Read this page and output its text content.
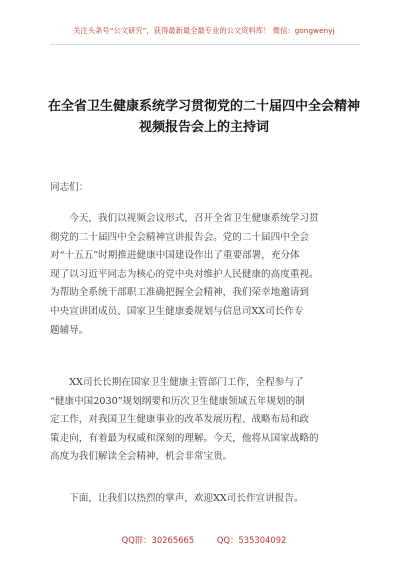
关注头条号“公文研究”，获得最新最全最专业的公文资料库！ 微信：gongwenyj
在全省卫生健康系统学习贯彻党的二十届四中全会精神
视频报告会上的主持词
同志们：
今天，我们以视频会议形式，召开全省卫生健康系统学习贯
彻党的二十届四中全会精神宣讲报告会。党的二十届四中全会
对“十五五”时期推进健康中国建设作出了重要部署，充分体
现了以习近平同志为核心的党中央对维护人民健康的高度重视。
为帮助全系统干部职工准确把握全会精神，我们荣幸地邀请到
中央宣讲团成员、国家卫生健康委规划与信息司XX司长作专
题辅导。
XX司长长期在国家卫生健康主管部门工作，全程参与了
“健康中国2030”规划纲要和历次卫生健康领域五年规划的制
定工作，对我国卫生健康事业的改革发展历程、战略布局和政
策走向，有着最为权威和深刻的理解。今天，他将从国家战略的
高度为我们解读全会精神，机会非常宝贵。
下面，让我们以热烈的掌声，欢迎XX司长作宣讲报告。
QQ群：30265665	QQ：535304092
